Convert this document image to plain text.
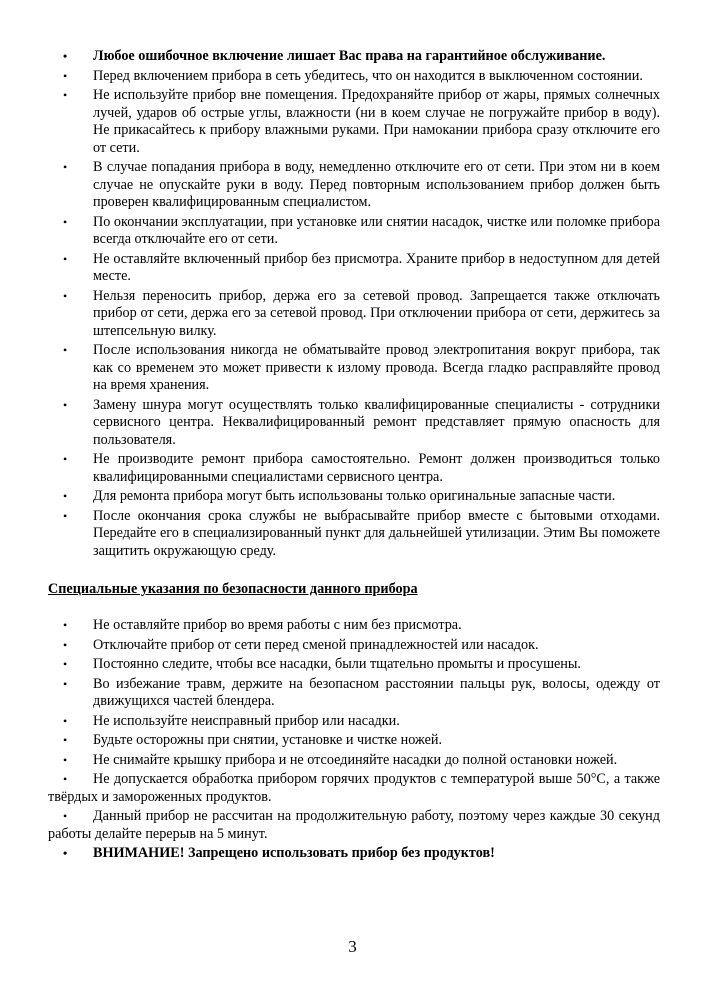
• Любое ошибочное включение лишает Вас права на гарантийное обслуживание.
• Перед включением прибора в сеть убедитесь, что он находится в выключенном состоянии.
• Не используйте прибор вне помещения. Предохраняйте прибор от жары, прямых солнечных лучей, ударов об острые углы, влажности (ни в коем случае не погружайте прибор в воду). Не прикасайтесь к прибору влажными руками. При намокании прибора сразу отключите его от сети.
• В случае попадания прибора в воду, немедленно отключите его от сети. При этом ни в коем случае не опускайте руки в воду. Перед повторным использованием прибор должен быть проверен квалифицированным специалистом.
• По окончании эксплуатации, при установке или снятии насадок, чистке или поломке прибора всегда отключайте его от сети.
• Не оставляйте включенный прибор без присмотра. Храните прибор в недоступном для детей месте.
• Нельзя переносить прибор, держа его за сетевой провод. Запрещается также отключать прибор от сети, держа его за сетевой провод. При отключении прибора от сети, держитесь за штепсельную вилку.
• После использования никогда не обматывайте провод электропитания вокруг прибора, так как со временем это может привести к излому провода. Всегда гладко расправляйте провод на время хранения.
• Замену шнура могут осуществлять только квалифицированные специалисты - сотрудники сервисного центра. Неквалифицированный ремонт представляет прямую опасность для пользователя.
• Не производите ремонт прибора самостоятельно. Ремонт должен производиться только квалифицированными специалистами сервисного центра.
• Для ремонта прибора могут быть использованы только оригинальные запасные части.
• После окончания срока службы не выбрасывайте прибор вместе с бытовыми отходами. Передайте его в специализированный пункт для дальнейшей утилизации. Этим Вы поможете защитить окружающую среду.
Специальные указания по безопасности данного прибора
• Не оставляйте прибор во время работы с ним без присмотра.
• Отключайте прибор от сети перед сменой принадлежностей или насадок.
• Постоянно следите, чтобы все насадки, были тщательно промыты и просушены.
• Во избежание травм, держите на безопасном расстоянии пальцы рук, волосы, одежду от движущихся частей блендера.
• Не используйте неисправный прибор или насадки.
• Будьте осторожны при снятии, установке и чистке ножей.
• Не снимайте крышку прибора и не отсоединяйте насадки до полной остановки ножей.
• Не допускается обработка прибором горячих продуктов с температурой выше 50°С, а также твёрдых и замороженных продуктов.
• Данный прибор не рассчитан на продолжительную работу, поэтому через каждые 30 секунд работы делайте перерыв на 5 минут.
• ВНИМАНИЕ! Запрещено использовать прибор без продуктов!
3
